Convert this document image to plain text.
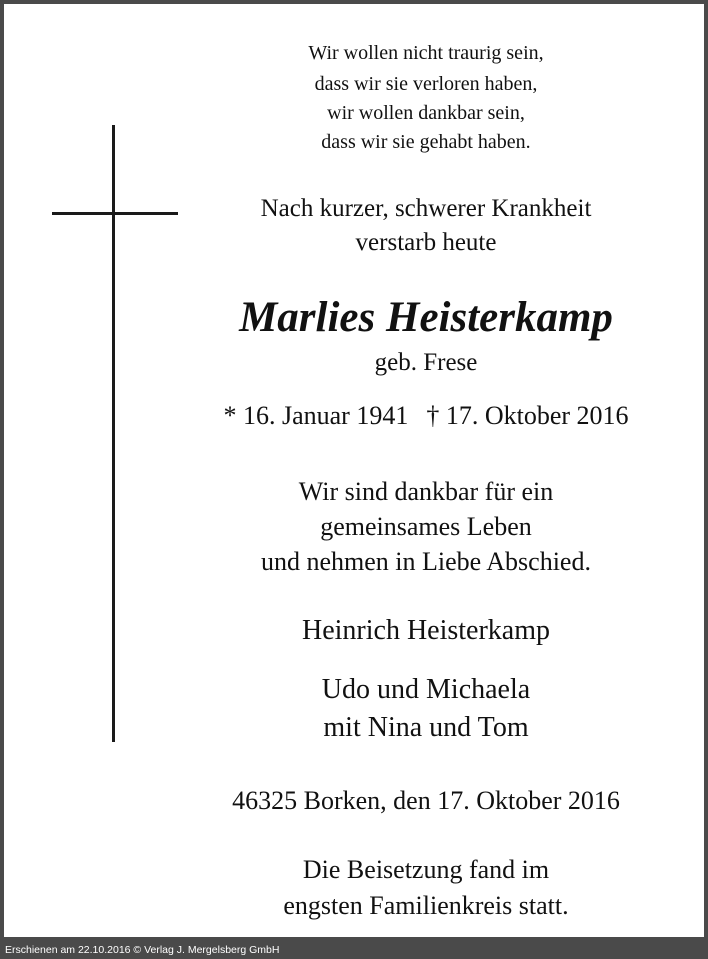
Wir wollen nicht traurig sein,
dass wir sie verloren haben,
wir wollen dankbar sein,
dass wir sie gehabt haben.
Nach kurzer, schwerer Krankheit
verstarb heute
Marlies Heisterkamp
geb. Frese
* 16. Januar 1941 † 17. Oktober 2016
Wir sind dankbar für ein
gemeinsames Leben
und nehmen in Liebe Abschied.
Heinrich Heisterkamp
Udo und Michaela
mit Nina und Tom
46325 Borken, den 17. Oktober 2016
Die Beisetzung fand im
engsten Familienkreis statt.
Erschienen am 22.10.2016 © Verlag J. Mergelsberg GmbH
